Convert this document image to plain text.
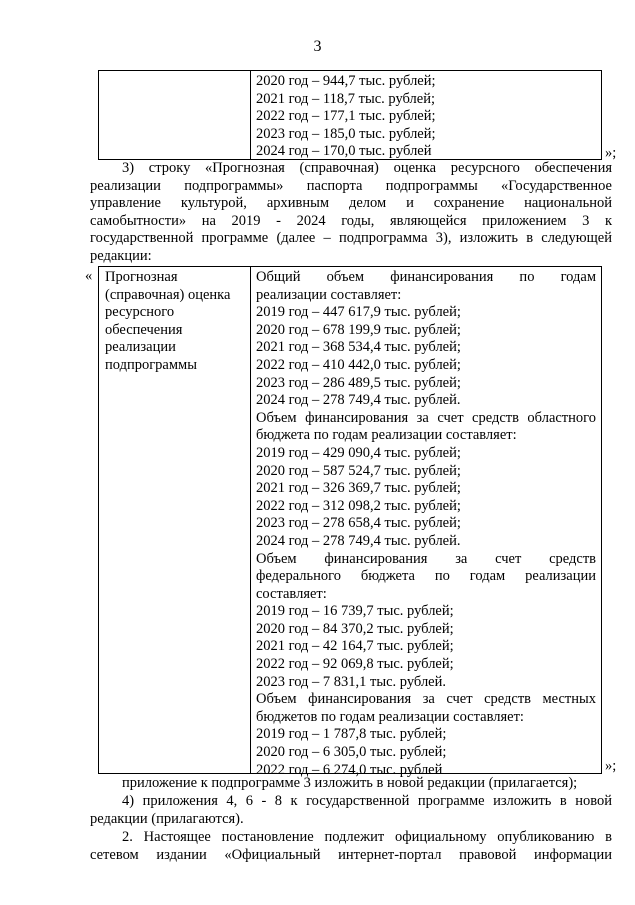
3
2020 год – 944,7 тыс. рублей;
2021 год – 118,7 тыс. рублей;
2022 год – 177,1 тыс. рублей;
2023 год – 185,0 тыс. рублей;
2024 год – 170,0 тыс. рублей	»;
3) строку «Прогнозная (справочная) оценка ресурсного обеспечения
реализации подпрограммы» паспорта подпрограммы «Государственное
управление культурой, архивным делом и сохранение национальной
самобытности» на 2019 - 2024 годы, являющейся приложением 3 к
государственной программе (далее – подпрограмма 3), изложить в следующей
редакции:
« Прогнозная
(справочная) оценка
ресурсного
обеспечения
реализации
подпрограммы
Общий объем финансирования по годам
реализации составляет:
2019 год – 447 617,9 тыс. рублей;
2020 год – 678 199,9 тыс. рублей;
2021 год – 368 534,4 тыс. рублей;
2022 год – 410 442,0 тыс. рублей;
2023 год – 286 489,5 тыс. рублей;
2024 год – 278 749,4 тыс. рублей.
Объем финансирования за счет средств областного
бюджета по годам реализации составляет:
2019 год – 429 090,4 тыс. рублей;
2020 год – 587 524,7 тыс. рублей;
2021 год – 326 369,7 тыс. рублей;
2022 год – 312 098,2 тыс. рублей;
2023 год – 278 658,4 тыс. рублей;
2024 год – 278 749,4 тыс. рублей.
Объем финансирования за счет средств
федерального бюджета по годам реализации
составляет:
2019 год – 16 739,7 тыс. рублей;
2020 год – 84 370,2 тыс. рублей;
2021 год – 42 164,7 тыс. рублей;
2022 год – 92 069,8 тыс. рублей;
2023 год – 7 831,1 тыс. рублей.
Объем финансирования за счет средств местных
бюджетов по годам реализации составляет:
2019 год – 1 787,8 тыс. рублей;
2020 год – 6 305,0 тыс. рублей;
2022 год – 6 274,0 тыс. рублей	»;
приложение к подпрограмме 3 изложить в новой редакции (прилагается);
4) приложения 4, 6 - 8 к государственной программе изложить в новой
редакции (прилагаются).
2. Настоящее постановление подлежит официальному опубликованию в
сетевом издании «Официальный интернет-портал правовой информации
